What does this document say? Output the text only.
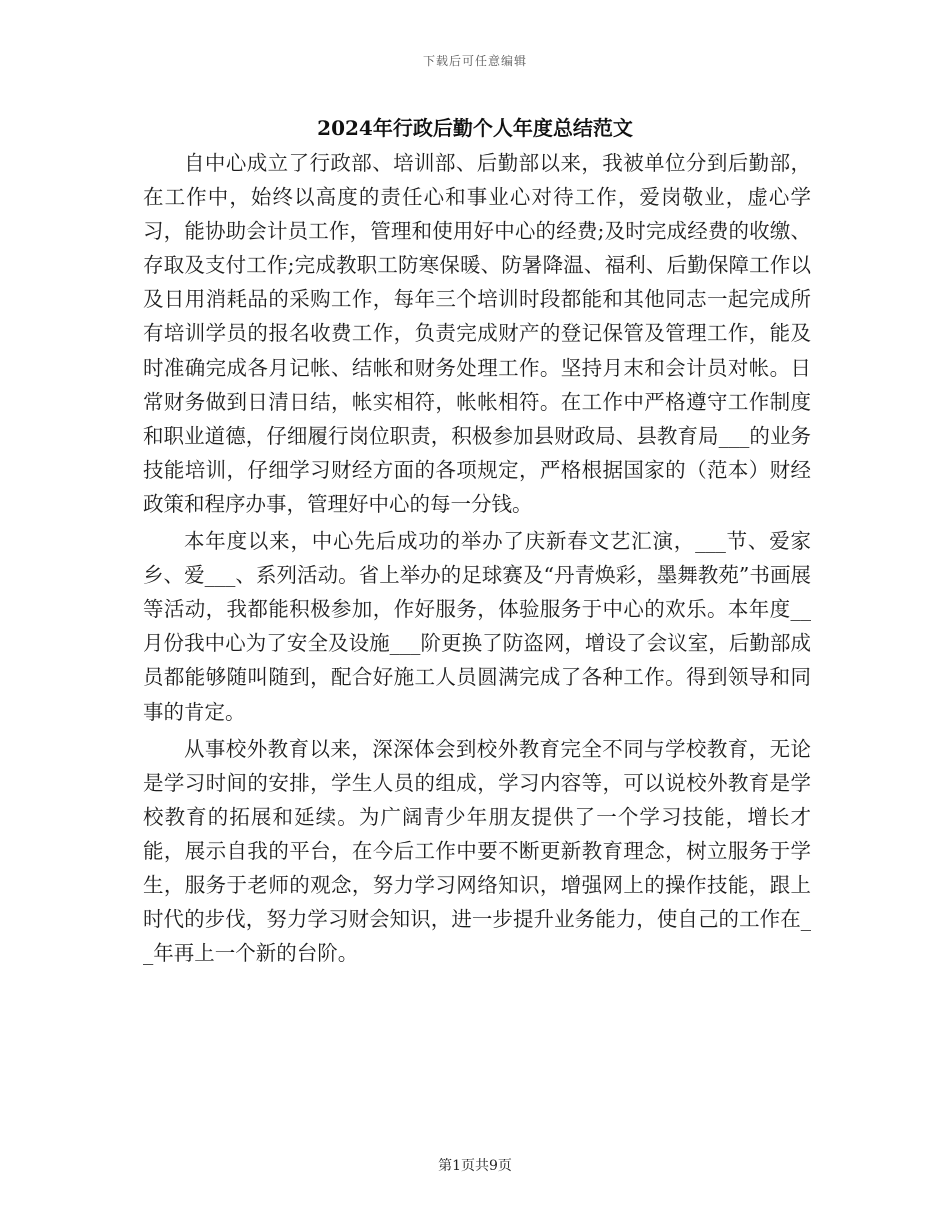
下载后可任意编辑
2024年行政后勤个人年度总结范文

自中心成立了行政部、培训部、后勤部以来，我被单位分到后勤部，在工作中，始终以高度的责任心和事业心对待工作，爱岗敬业，虚心学习，能协助会计员工作，管理和使用好中心的经费;及时完成经费的收缴、存取及支付工作;完成教职工防寒保暖、防暑降温、福利、后勤保障工作以及日用消耗品的采购工作，每年三个培训时段都能和其他同志一起完成所有培训学员的报名收费工作，负责完成财产的登记保管及管理工作，能及时准确完成各月记帐、结帐和财务处理工作。坚持月末和会计员对帐。日常财务做到日清日结，帐实相符，帐帐相符。在工作中严格遵守工作制度和职业道德，仔细履行岗位职责，积极参加县财政局、县教育局___的业务技能培训，仔细学习财经方面的各项规定，严格根据国家的（范本）财经政策和程序办事，管理好中心的每一分钱。

本年度以来，中心先后成功的举办了庆新春文艺汇演，___节、爱家乡、爱___、系列活动。省上举办的足球赛及“丹青焕彩，墨舞教苑”书画展等活动，我都能积极参加，作好服务，体验服务于中心的欢乐。本年度__月份我中心为了安全及设施___阶更换了防盗网，增设了会议室，后勤部成员都能够随叫随到，配合好施工人员圆满完成了各种工作。得到领导和同事的肯定。

从事校外教育以来，深深体会到校外教育完全不同与学校教育，无论是学习时间的安排，学生人员的组成，学习内容等，可以说校外教育是学校教育的拓展和延续。为广阔青少年朋友提供了一个学习技能，增长才能，展示自我的平台，在今后工作中要不断更新教育理念，树立服务于学生，服务于老师的观念，努力学习网络知识，增强网上的操作技能，跟上时代的步伐，努力学习财会知识，进一步提升业务能力，使自己的工作在__年再上一个新的台阶。

第1页共9页
